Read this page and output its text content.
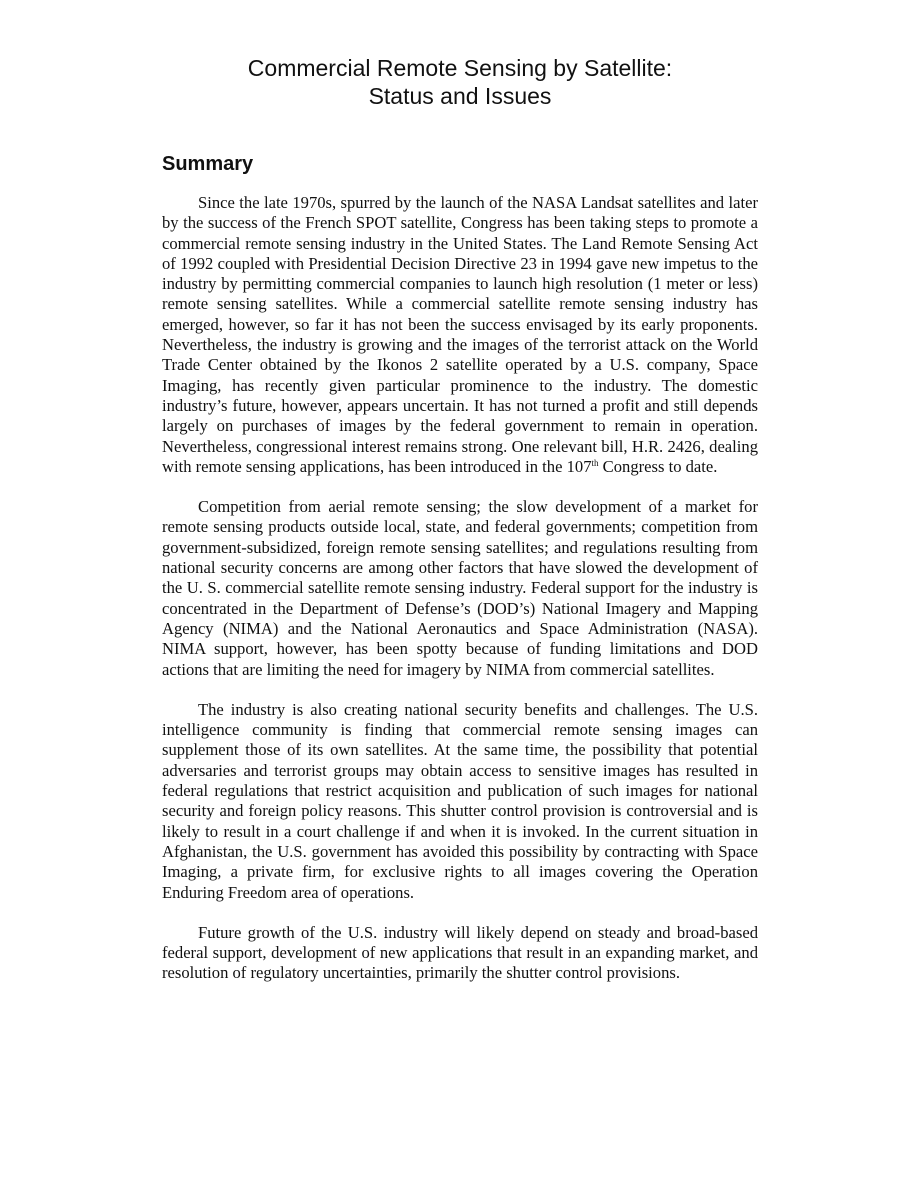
Commercial Remote Sensing by Satellite:
Status and Issues
Summary

Since the late 1970s, spurred by the launch of the NASA Landsat satellites and later by the success of the French SPOT satellite, Congress has been taking steps to promote a commercial remote sensing industry in the United States. The Land Remote Sensing Act of 1992 coupled with Presidential Decision Directive 23 in 1994 gave new impetus to the industry by permitting commercial companies to launch high resolution (1 meter or less) remote sensing satellites. While a commercial satellite remote sensing industry has emerged, however, so far it has not been the success envisaged by its early proponents. Nevertheless, the industry is growing and the images of the terrorist attack on the World Trade Center obtained by the Ikonos 2 satellite operated by a U.S. company, Space Imaging, has recently given particular prominence to the industry. The domestic industry’s future, however, appears uncertain. It has not turned a profit and still depends largely on purchases of images by the federal government to remain in operation. Nevertheless, congressional interest remains strong. One relevant bill, H.R. 2426, dealing with remote sensing applications, has been introduced in the 107th Congress to date.

Competition from aerial remote sensing; the slow development of a market for remote sensing products outside local, state, and federal governments; competition from government-subsidized, foreign remote sensing satellites; and regulations resulting from national security concerns are among other factors that have slowed the development of the U. S. commercial satellite remote sensing industry. Federal support for the industry is concentrated in the Department of Defense’s (DOD’s) National Imagery and Mapping Agency (NIMA) and the National Aeronautics and Space Administration (NASA). NIMA support, however, has been spotty because of funding limitations and DOD actions that are limiting the need for imagery by NIMA from commercial satellites.

The industry is also creating national security benefits and challenges. The U.S. intelligence community is finding that commercial remote sensing images can supplement those of its own satellites. At the same time, the possibility that potential adversaries and terrorist groups may obtain access to sensitive images has resulted in federal regulations that restrict acquisition and publication of such images for national security and foreign policy reasons. This shutter control provision is controversial and is likely to result in a court challenge if and when it is invoked. In the current situation in Afghanistan, the U.S. government has avoided this possibility by contracting with Space Imaging, a private firm, for exclusive rights to all images covering the Operation Enduring Freedom area of operations.

Future growth of the U.S. industry will likely depend on steady and broad-based federal support, development of new applications that result in an expanding market, and resolution of regulatory uncertainties, primarily the shutter control provisions.
